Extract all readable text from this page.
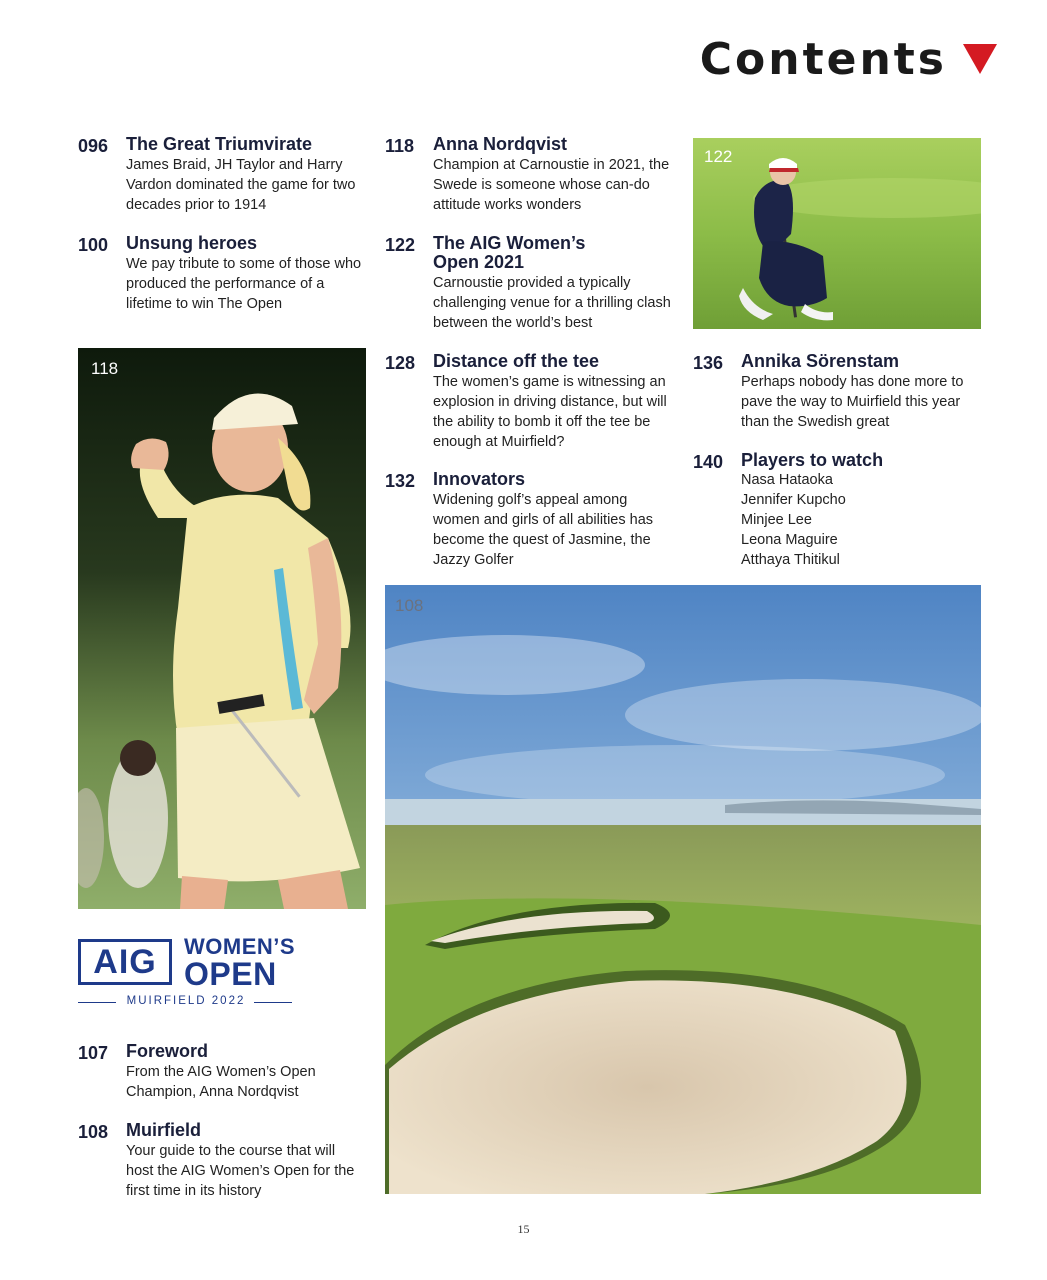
Contents
096 The Great Triumvirate
James Braid, JH Taylor and Harry Vardon dominated the game for two decades prior to 1914
100 Unsung heroes
We pay tribute to some of those who produced the performance of a lifetime to win The Open
118 Anna Nordqvist
Champion at Carnoustie in 2021, the Swede is someone whose can-do attitude works wonders
122 The AIG Women’s
Open 2021
Carnoustie provided a typically challenging venue for a thrilling clash between the world’s best
128 Distance off the tee
The women’s game is witnessing an explosion in driving distance, but will the ability to bomb it off the tee be enough at Muirfield?
132 Innovators
Widening golf’s appeal among women and girls of all abilities has become the quest of Jasmine, the Jazzy Golfer
136 Annika Sörenstam
Perhaps nobody has done more to pave the way to Muirfield this year than the Swedish great
140 Players to watch
Nasa Hataoka
Jennifer Kupcho
Minjee Lee
Leona Maguire
Atthaya Thitikul
107 Foreword
From the AIG Women’s Open Champion, Anna Nordqvist
108 Muirfield
Your guide to the course that will host the AIG Women’s Open for the first time in its history
122
118
108
AIG	WOMEN’S
OPEN
MUIRFIELD 2022
15
